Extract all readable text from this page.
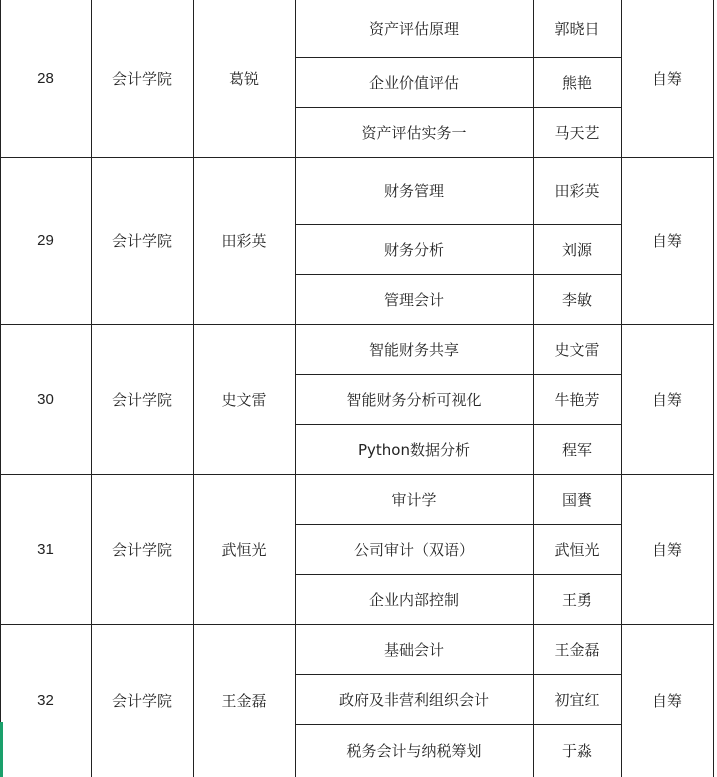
28	会计学院	葛锐	自筹
资产评估原理	郭晓日
企业价值评估	熊艳
资产评估实务一	马天艺
29	会计学院	田彩英	自筹
财务管理	田彩英
财务分析	刘源
管理会计	李敏
30	会计学院	史文雷	自筹
智能财务共享	史文雷
智能财务分析可视化	牛艳芳
Python数据分析	程军
31	会计学院	武恒光	自筹
审计学	国賚
公司审计（双语）	武恒光
企业内部控制	王勇
32	会计学院	王金磊	自筹
基础会计	王金磊
政府及非营利组织会计	初宜红
税务会计与纳税筹划	于淼
